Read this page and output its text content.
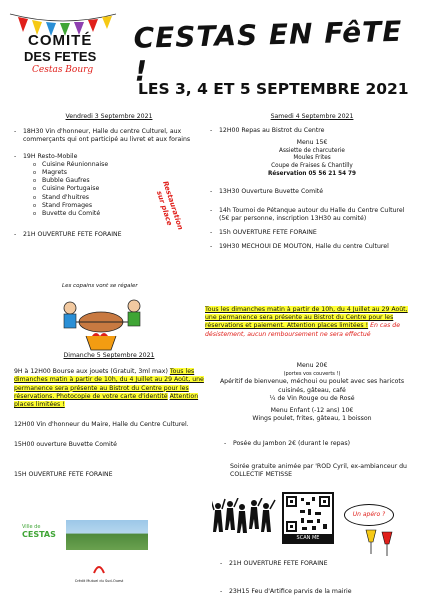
COMITÉ
DES FETES
Cestas Bourg
CESTAS EN FêTE !
LES 3, 4 ET 5 SEPTEMBRE 2021
Vendredi 3 Septembre 2021
- 18H30 Vin d'honneur, Halle du centre Culturel, aux commerçants qui ont participé au livret et aux forains
- 19H Resto-Mobile
o Cuisine Réunionnaise
o Magrets
o Bubble Gaufres
o Cuisine Portugaise
o Stand d'huitres
o Stand Fromages
o Buvette du Comité
- 21H OUVERTURE FETE FORAINE
Restauration sur place
Les copains vont se régaler
Dimanche 5 Septembre 2021
9H à 12H00 Bourse aux jouets (Gratuit, 3ml max) Tous les dimanches matin à partir de 10h, du 4 Juillet au 29 Août, une permanence sera présente au Bistrot du Centre pour les réservations. Photocopie de votre carte d'identité Attention places limitées !
12H00 Vin d'honneur du Maire, Halle du Centre Culturel.
15H00 ouverture Buvette Comité
15H OUVERTURE FETE FORAINE
Ville de
CESTAS
Crédit Mutuel du Sud-Ouest
Samedi 4 Septembre 2021
- 12H00 Repas au Bistrot du Centre
Menu 15€
Assiette de charcuterie
Moules Frites
Coupe de Fraises & Chantilly
Réservation 05 56 21 54 79
- 13H30 Ouverture Buvette Comité
- 14h Tournoi de Pétanque autour du Halle du Centre Culturel (5€ par personne, inscription 13H30 au comité)
- 15h OUVERTURE FETE FORAINE
- 19H30 MECHOUI DE MOUTON, Halle du centre Culturel
Tous les dimanches matin à partir de 10h, du 4 Juillet au 29 Août, une permanence sera présente au Bistrot du Centre pour les réservations et paiement. Attention places limitées ! En cas de désistement, aucun remboursement ne sera effectué
Menu 20€
(portes vos couverts !)
Apéritif de bienvenue, méchoui ou poulet avec ses haricots cuisinés, gâteau, café
¼ de Vin Rouge ou de Rosé
Menu Enfant (-12 ans) 10€
Wings poulet, frites, gâteau, 1 boisson
- Posée du Jambon 2€ (durant le repas)
Soirée gratuite animée par 'ROD Cyril, ex-ambianceur du COLLECTIF METISSE
SCAN ME
Un apéro ?
- 21H OUVERTURE FETE FORAINE
- 23H15 Feu d'Artifice parvis de la mairie
